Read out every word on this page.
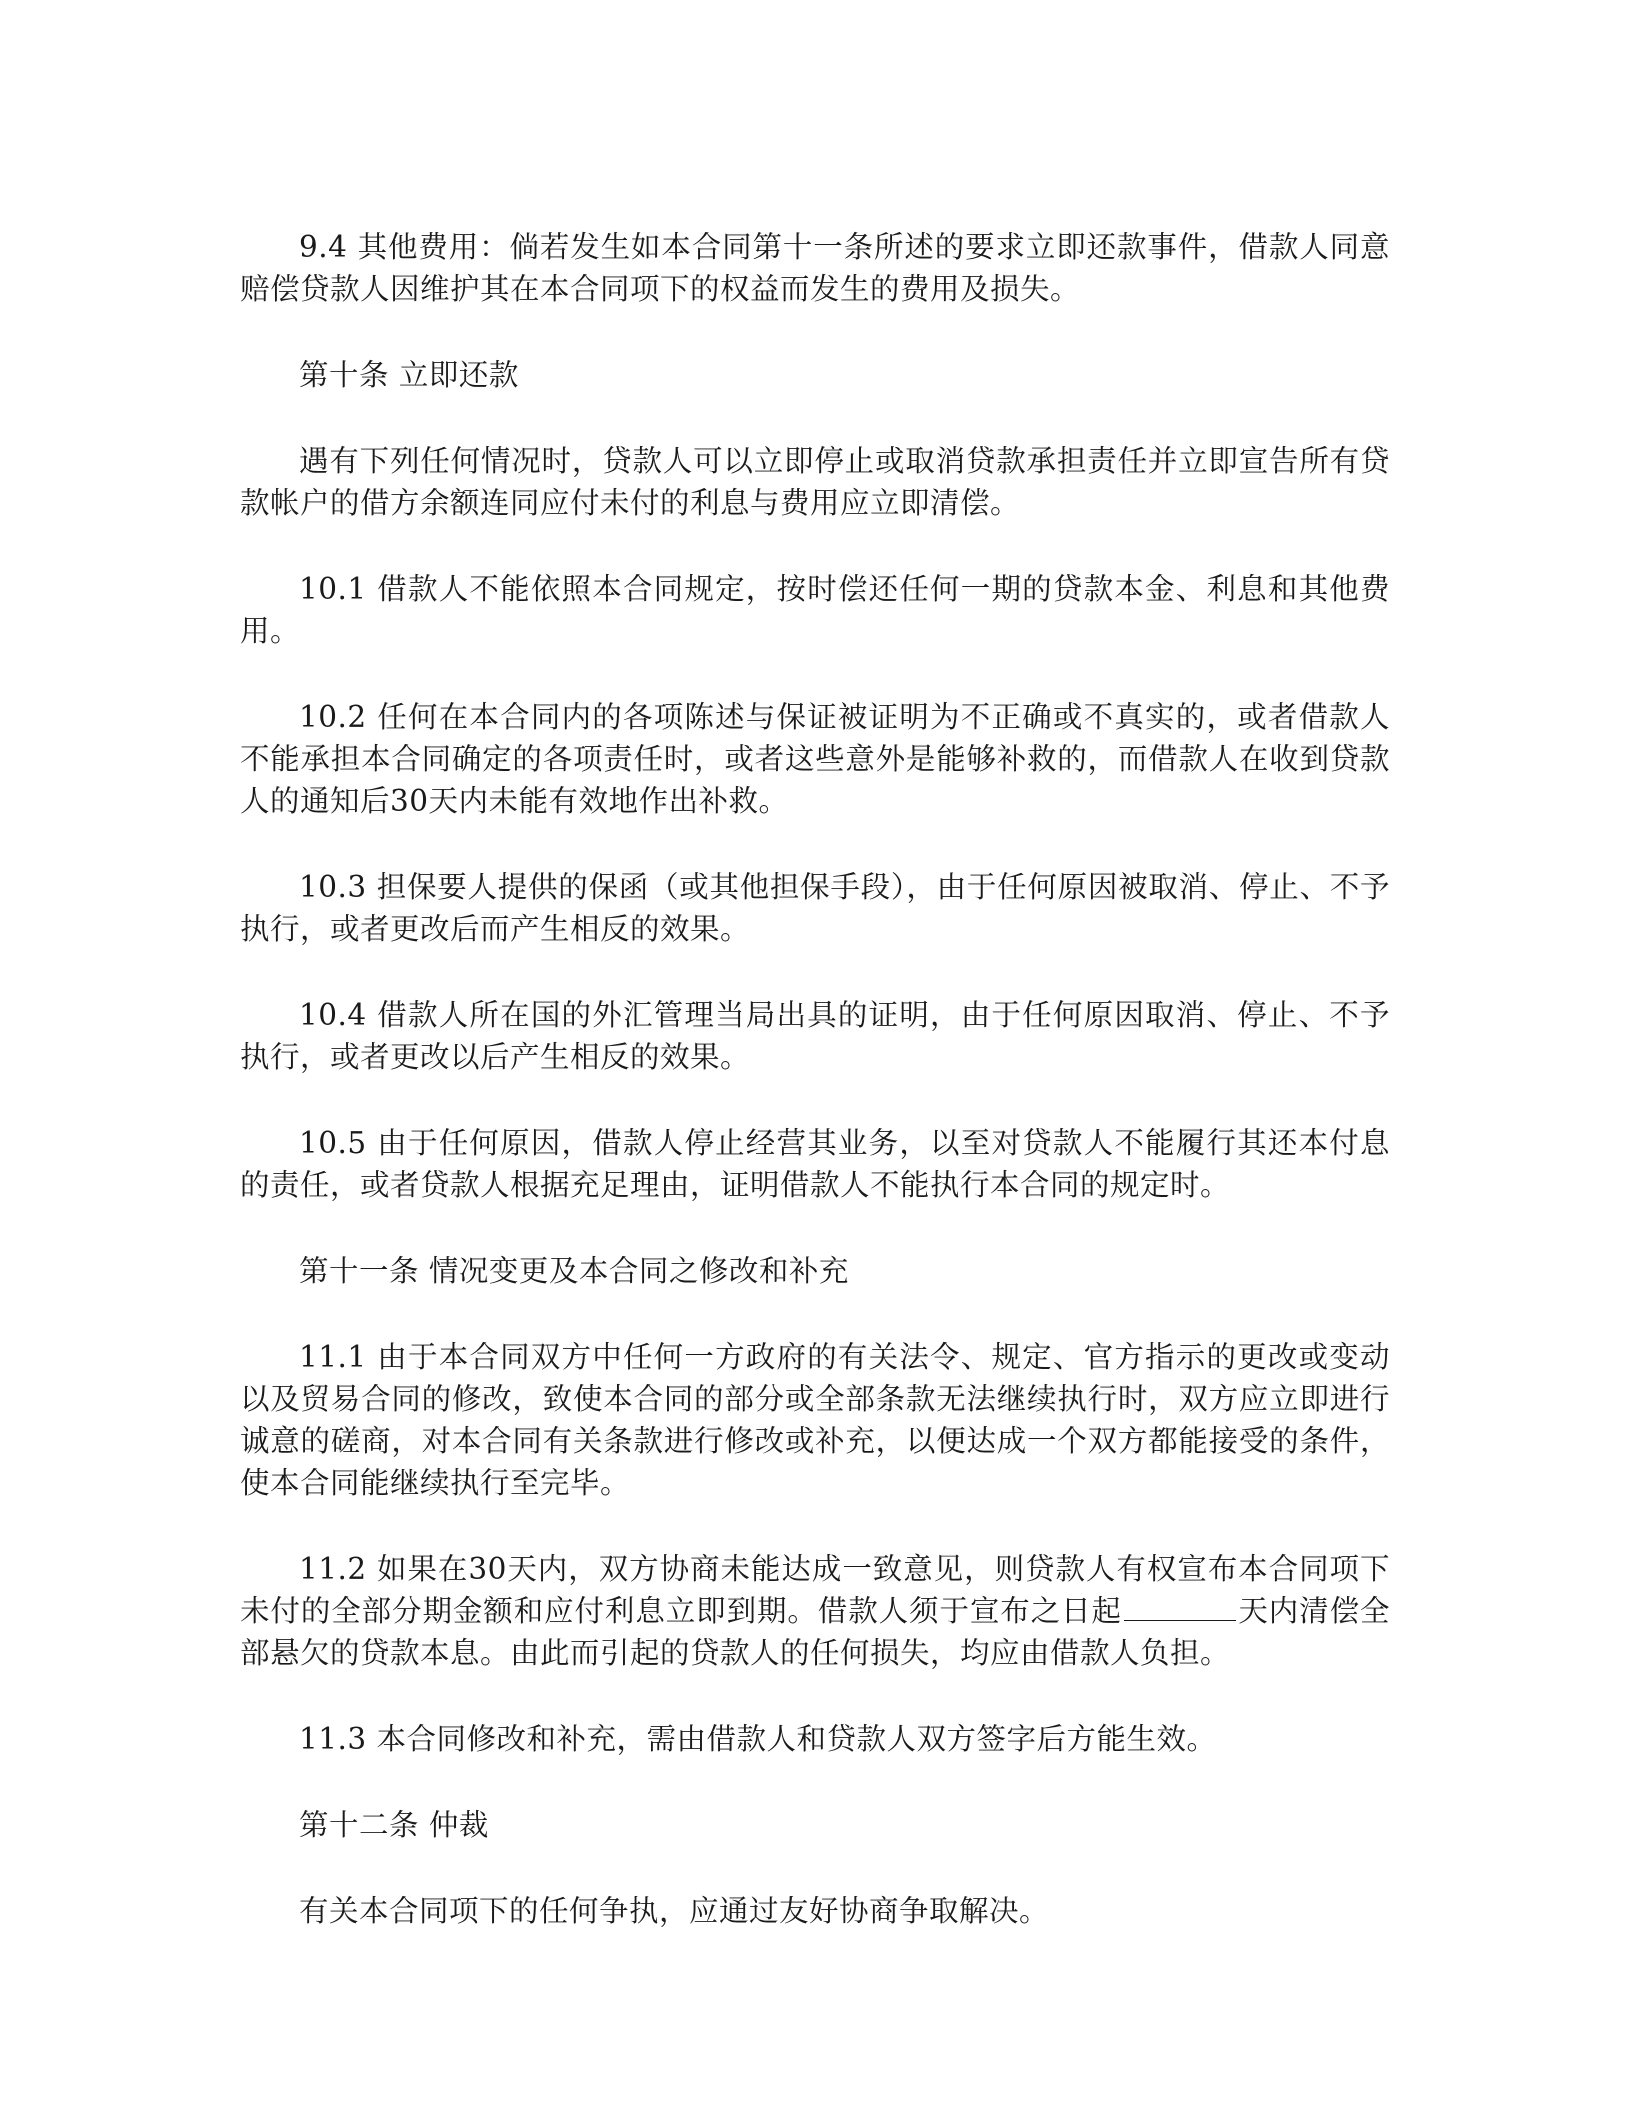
9.4 其他费用：倘若发生如本合同第十一条所述的要求立即还款事件，借款人同意赔偿贷款人因维护其在本合同项下的权益而发生的费用及损失。

第十条 立即还款

遇有下列任何情况时，贷款人可以立即停止或取消贷款承担责任并立即宣告所有贷款帐户的借方余额连同应付未付的利息与费用应立即清偿。

10.1 借款人不能依照本合同规定，按时偿还任何一期的贷款本金、利息和其他费用。

10.2 任何在本合同内的各项陈述与保证被证明为不正确或不真实的，或者借款人不能承担本合同确定的各项责任时，或者这些意外是能够补救的，而借款人在收到贷款人的通知后30天内未能有效地作出补救。

10.3 担保要人提供的保函（或其他担保手段），由于任何原因被取消、停止、不予执行，或者更改后而产生相反的效果。

10.4 借款人所在国的外汇管理当局出具的证明，由于任何原因取消、停止、不予执行，或者更改以后产生相反的效果。

10.5 由于任何原因，借款人停止经营其业务，以至对贷款人不能履行其还本付息的责任，或者贷款人根据充足理由，证明借款人不能执行本合同的规定时。

第十一条 情况变更及本合同之修改和补充

11.1 由于本合同双方中任何一方政府的有关法令、规定、官方指示的更改或变动以及贸易合同的修改，致使本合同的部分或全部条款无法继续执行时，双方应立即进行诚意的磋商，对本合同有关条款进行修改或补充，以便达成一个双方都能接受的条件，使本合同能继续执行至完毕。

11.2 如果在30天内，双方协商未能达成一致意见，则贷款人有权宣布本合同项下未付的全部分期金额和应付利息立即到期。借款人须于宣布之日起	天内清偿全部悬欠的贷款本息。由此而引起的贷款人的任何损失，均应由借款人负担。

11.3 本合同修改和补充，需由借款人和贷款人双方签字后方能生效。

第十二条 仲裁

有关本合同项下的任何争执，应通过友好协商争取解决。
